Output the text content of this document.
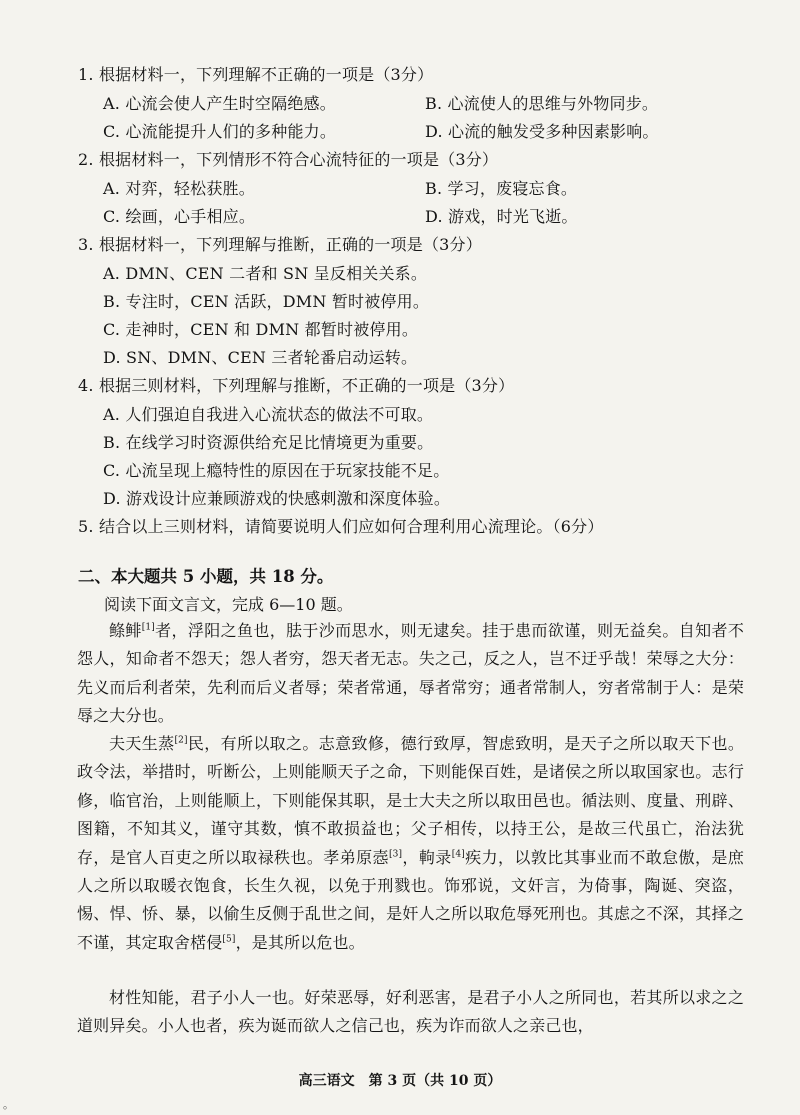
1. 根据材料一，下列理解不正确的一项是（3分）
A. 心流会使人产生时空隔绝感。	B. 心流使人的思维与外物同步。
C. 心流能提升人们的多种能力。	D. 心流的触发受多种因素影响。
2. 根据材料一，下列情形不符合心流特征的一项是（3分）
A. 对弈，轻松获胜。	B. 学习，废寝忘食。
C. 绘画，心手相应。	D. 游戏，时光飞逝。
3. 根据材料一，下列理解与推断，正确的一项是（3分）
A. DMN、CEN 二者和 SN 呈反相关关系。
B. 专注时，CEN 活跃，DMN 暂时被停用。
C. 走神时，CEN 和 DMN 都暂时被停用。
D. SN、DMN、CEN 三者轮番启动运转。
4. 根据三则材料，下列理解与推断，不正确的一项是（3分）
A. 人们强迫自我进入心流状态的做法不可取。
B. 在线学习时资源供给充足比情境更为重要。
C. 心流呈现上瘾特性的原因在于玩家技能不足。
D. 游戏设计应兼顾游戏的快感刺激和深度体验。
5. 结合以上三则材料，请简要说明人们应如何合理利用心流理论。（6分）
二、本大题共 5 小题，共 18 分。
阅读下面文言文，完成 6—10 题。
鲦鲱[1]者，浮阳之鱼也，胠于沙而思水，则无逮矣。挂于患而欲谨，则无益矣。自知者不怨人，知命者不怨天；怨人者穷，怨天者无志。失之己，反之人，岂不迂乎哉！荣辱之大分：先义而后利者荣，先利而后义者辱；荣者常通，辱者常穷；通者常制人，穷者常制于人：是荣辱之大分也。
夫天生蒸[2]民，有所以取之。志意致修，德行致厚，智虑致明，是天子之所以取天下也。政令法，举措时，听断公，上则能顺天子之命，下则能保百姓，是诸侯之所以取国家也。志行修，临官治，上则能顺上，下则能保其职，是士大夫之所以取田邑也。循法则、度量、刑辟、图籍，不知其义，谨守其数，慎不敢损益也；父子相传，以持王公，是故三代虽亡，治法犹存，是官人百吏之所以取禄秩也。孝弟原悫[3]，軥录[4]疾力，以敦比其事业而不敢怠傲，是庶人之所以取暖衣饱食，长生久视，以免于刑戮也。饰邪说，文奸言，为倚事，陶诞、突盗，惕、悍、㤭、暴，以偷生反侧于乱世之间，是奸人之所以取危辱死刑也。其虑之不深，其择之不谨，其定取舍楛侵[5]，是其所以危也。
材性知能，君子小人一也。好荣恶辱，好利恶害，是君子小人之所同也，若其所以求之之道则异矣。小人也者，疾为诞而欲人之信己也，疾为诈而欲人之亲己也，
高三语文　第 3 页（共 10 页）
。
